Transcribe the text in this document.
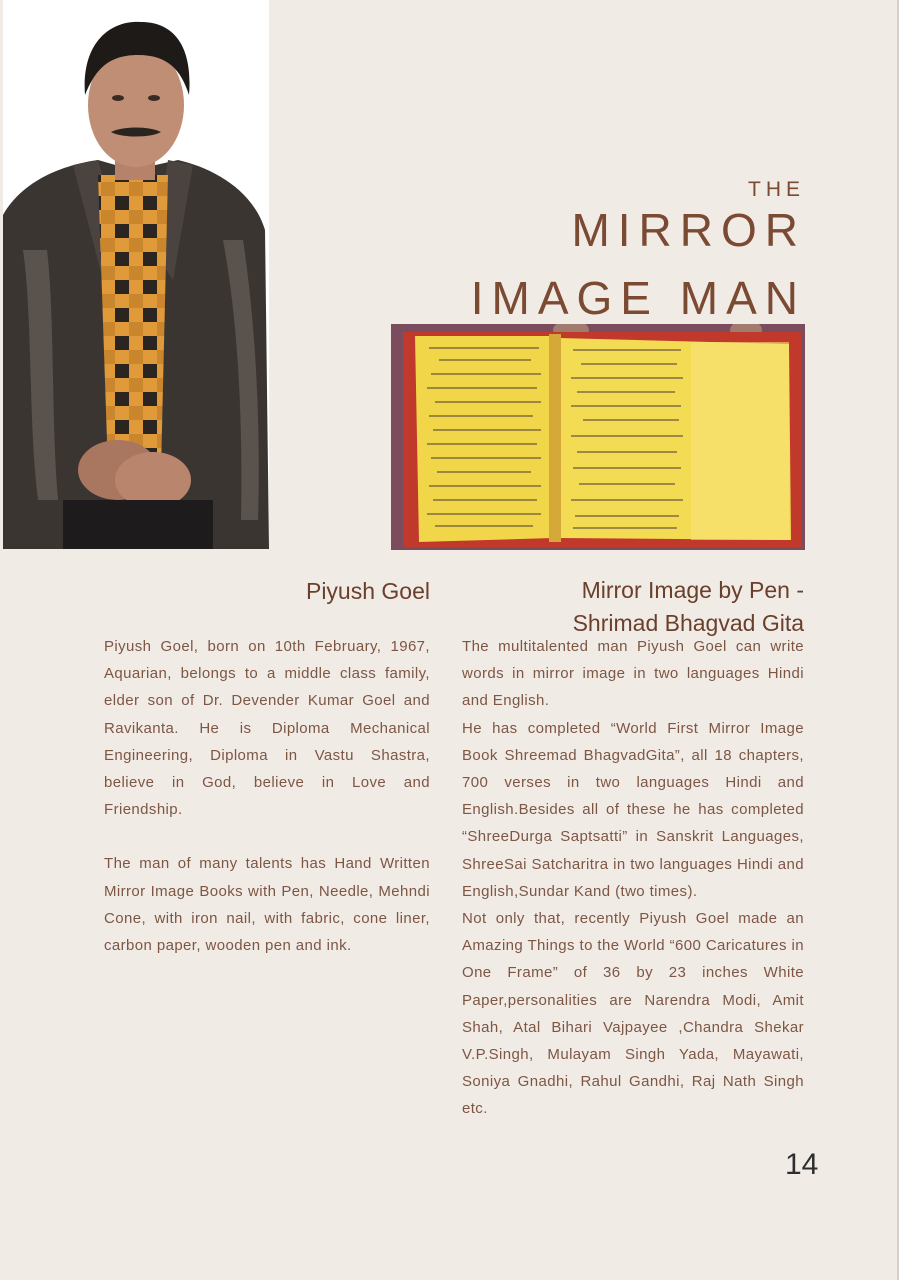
THE
MIRROR
IMAGE MAN
Piyush Goel	Mirror Image by Pen -
Shrimad Bhagvad Gita

Piyush Goel, born on 10th February, 1967, Aquarian, belongs to a middle class family, elder son of Dr. Devender Kumar Goel and Ravikanta. He is Diploma Mechanical Engineering, Diploma in Vastu Shastra, believe in God, believe in Love and Friendship.

The man of many talents has Hand Written Mirror Image Books with Pen, Needle, Mehndi Cone, with iron nail, with fabric, cone liner, carbon paper, wooden pen and ink.

The multitalented man Piyush Goel can write words in mirror image in two languages Hindi and English.

He has completed “World First Mirror Image Book Shreemad BhagvadGita”, all 18 chapters, 700 verses in two languages Hindi and English.Besides all of these he has completed “ShreeDurga Saptsatti” in Sanskrit Languages, ShreeSai Satcharitra in two languages Hindi and English,Sundar Kand (two times).

Not only that, recently Piyush Goel made an Amazing Things to the World “600 Caricatures in One Frame” of 36 by 23 inches White Paper,personalities are Narendra Modi, Amit Shah, Atal Bihari Vajpayee ,Chandra Shekar V.P.Singh, Mulayam Singh Yada, Mayawati, Soniya Gnadhi, Rahul Gandhi, Raj Nath Singh etc.

14
